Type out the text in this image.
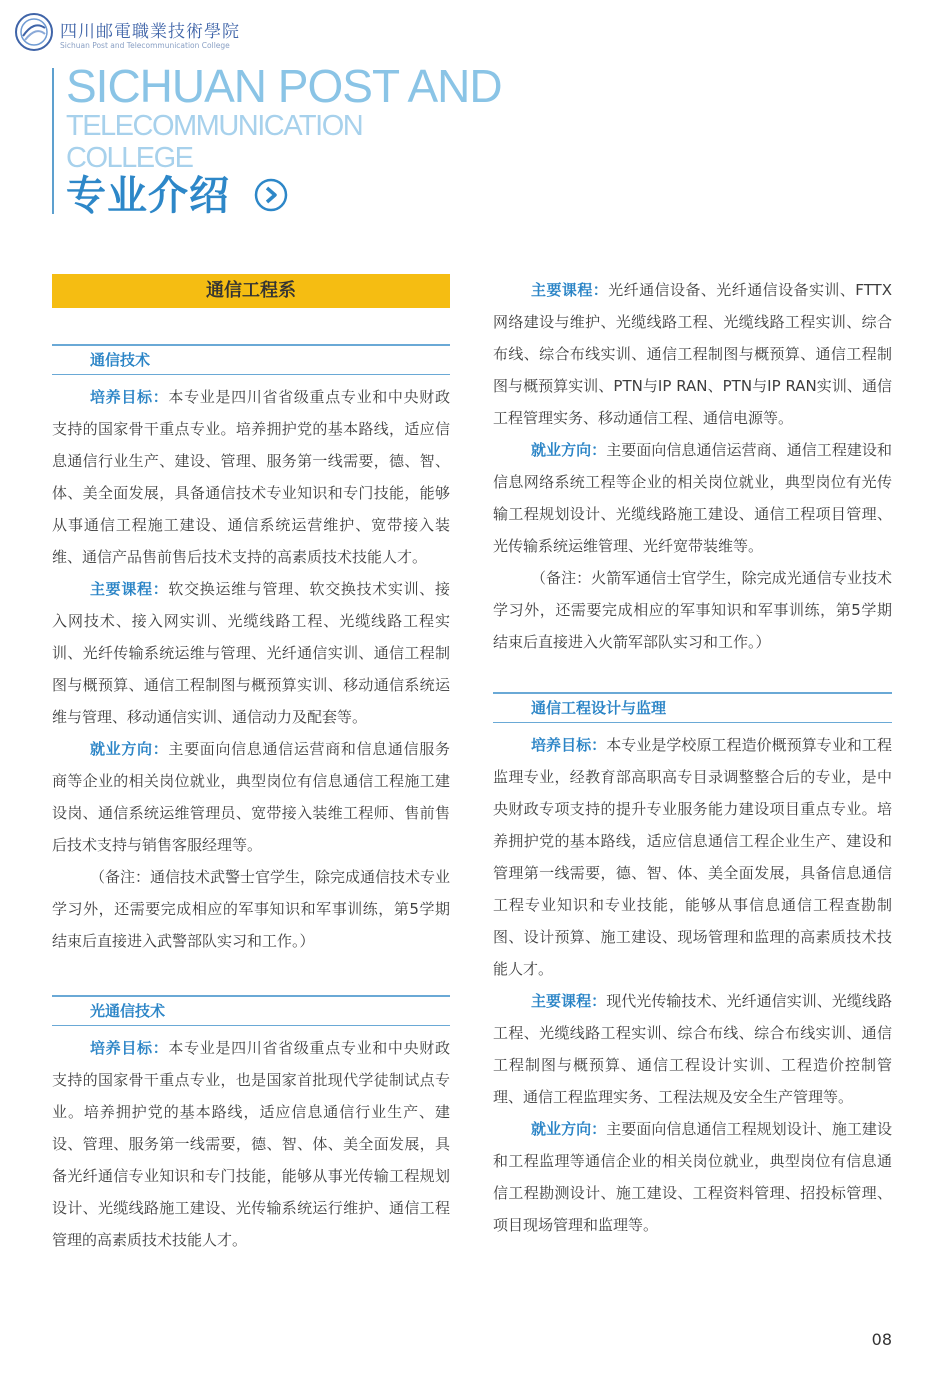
四川邮電職業技術學院
Sichuan Post and Telecommunication College
SICHUAN POST AND
TELECOMMUNICATION
COLLEGE
专业介绍
通信工程系
通信技术

培养目标：本专业是四川省省级重点专业和中央财政支持的国家骨干重点专业。培养拥护党的基本路线，适应信息通信行业生产、建设、管理、服务第一线需要，德、智、体、美全面发展，具备通信技术专业知识和专门技能，能够从事通信工程施工建设、通信系统运营维护、宽带接入装维、通信产品售前售后技术支持的高素质技术技能人才。

主要课程：软交换运维与管理、软交换技术实训、接入网技术、接入网实训、光缆线路工程、光缆线路工程实训、光纤传输系统运维与管理、光纤通信实训、通信工程制图与概预算、通信工程制图与概预算实训、移动通信系统运维与管理、移动通信实训、通信动力及配套等。

就业方向：主要面向信息通信运营商和信息通信服务商等企业的相关岗位就业，典型岗位有信息通信工程施工建设岗、通信系统运维管理员、宽带接入装维工程师、售前售后技术支持与销售客服经理等。

（备注：通信技术武警士官学生，除完成通信技术专业学习外，还需要完成相应的军事知识和军事训练，第5学期结束后直接进入武警部队实习和工作。）

光通信技术

培养目标：本专业是四川省省级重点专业和中央财政支持的国家骨干重点专业，也是国家首批现代学徒制试点专业。培养拥护党的基本路线，适应信息通信行业生产、建设、管理、服务第一线需要，德、智、体、美全面发展，具备光纤通信专业知识和专门技能，能够从事光传输工程规划设计、光缆线路施工建设、光传输系统运行维护、通信工程管理的高素质技术技能人才。

主要课程：光纤通信设备、光纤通信设备实训、FTTX网络建设与维护、光缆线路工程、光缆线路工程实训、综合布线、综合布线实训、通信工程制图与概预算、通信工程制图与概预算实训、PTN与IP RAN、PTN与IP RAN实训、通信工程管理实务、移动通信工程、通信电源等。

就业方向：主要面向信息通信运营商、通信工程建设和信息网络系统工程等企业的相关岗位就业，典型岗位有光传输工程规划设计、光缆线路施工建设、通信工程项目管理、光传输系统运维管理、光纤宽带装维等。

（备注：火箭军通信士官学生，除完成光通信专业技术学习外，还需要完成相应的军事知识和军事训练，第5学期结束后直接进入火箭军部队实习和工作。）

通信工程设计与监理

培养目标：本专业是学校原工程造价概预算专业和工程监理专业，经教育部高职高专目录调整整合后的专业，是中央财政专项支持的提升专业服务能力建设项目重点专业。培养拥护党的基本路线，适应信息通信工程企业生产、建设和管理第一线需要，德、智、体、美全面发展，具备信息通信工程专业知识和专业技能，能够从事信息通信工程查勘制图、设计预算、施工建设、现场管理和监理的高素质技术技能人才。

主要课程：现代光传输技术、光纤通信实训、光缆线路工程、光缆线路工程实训、综合布线、综合布线实训、通信工程制图与概预算、通信工程设计实训、工程造价控制管理、通信工程监理实务、工程法规及安全生产管理等。

就业方向：主要面向信息通信工程规划设计、施工建设和工程监理等通信企业的相关岗位就业，典型岗位有信息通信工程勘测设计、施工建设、工程资料管理、招投标管理、项目现场管理和监理等。

08
